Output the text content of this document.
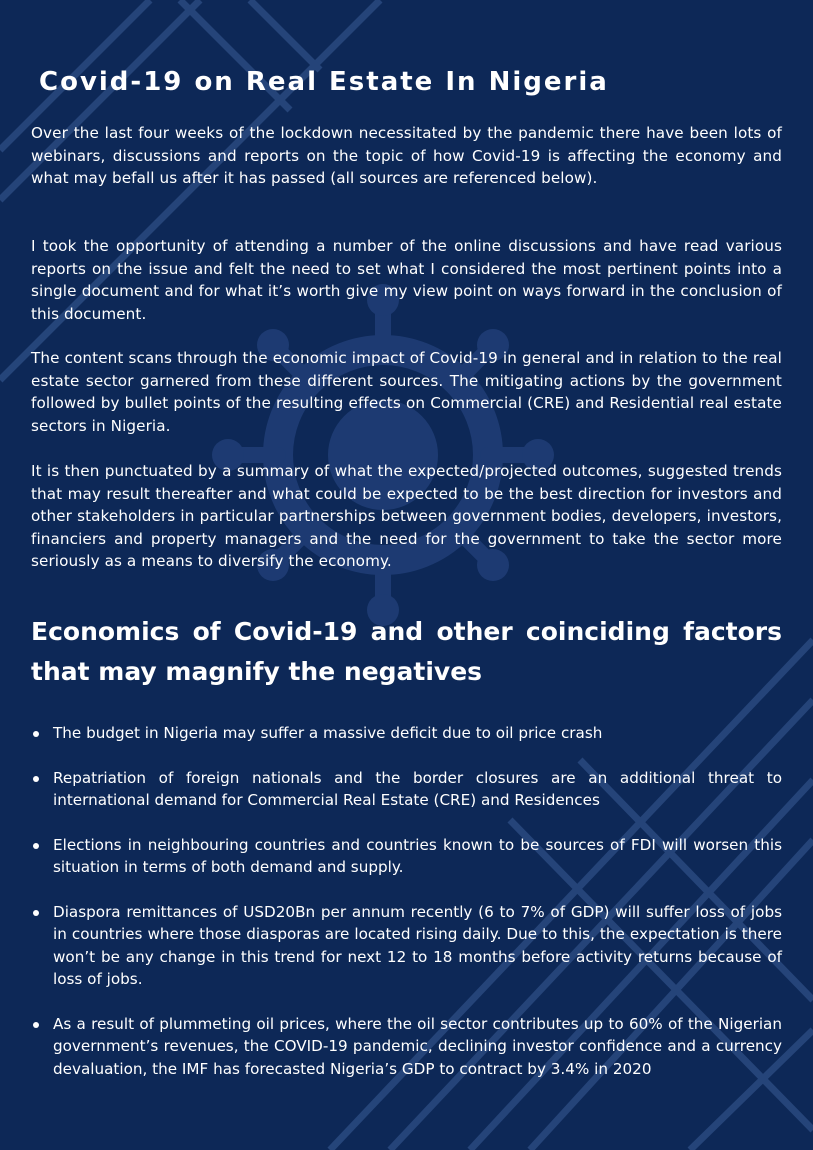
Covid-19 on Real Estate In Nigeria

Over the last four weeks of the lockdown necessitated by the pandemic there have been lots of webinars, discussions and reports on the topic of how Covid-19 is affecting the economy and what may befall us after it has passed (all sources are referenced below).

I took the opportunity of attending a number of the online discussions and have read various reports on the issue and felt the need to set what I considered the most pertinent points into a single document and for what it’s worth give my view point on ways forward in the conclusion of this document.

The content scans through the economic impact of Covid-19 in general and in relation to the real estate sector garnered from these different sources. The mitigating actions by the government followed by bullet points of the resulting effects on Commercial (CRE) and Residential real estate sectors in Nigeria.

It is then punctuated by a summary of what the expected/projected outcomes, suggested trends that may result thereafter and what could be expected to be the best direction for investors and other stakeholders in particular partnerships between government bodies, developers, investors, financiers and property managers and the need for the government to take the sector more seriously as a means to diversify the economy.

Economics of Covid-19 and other coinciding factors that may magnify the negatives
The budget in Nigeria may suffer a massive deficit due to oil price crash
Repatriation of foreign nationals and the border closures are an additional threat to international demand for Commercial Real Estate (CRE) and Residences
Elections in neighbouring countries and countries known to be sources of FDI will worsen this situation in terms of both demand and supply.
Diaspora remittances of USD20Bn per annum recently (6 to 7% of GDP) will suffer loss of jobs in countries where those diasporas are located rising daily. Due to this, the expectation is there won’t be any change in this trend for next 12 to 18 months before activity returns because of loss of jobs.
As a result of plummeting oil prices, where the oil sector contributes up to 60% of the Nigerian government’s revenues, the COVID-19 pandemic, declining investor confidence and a currency devaluation, the IMF has forecasted Nigeria’s GDP to contract by 3.4% in 2020
